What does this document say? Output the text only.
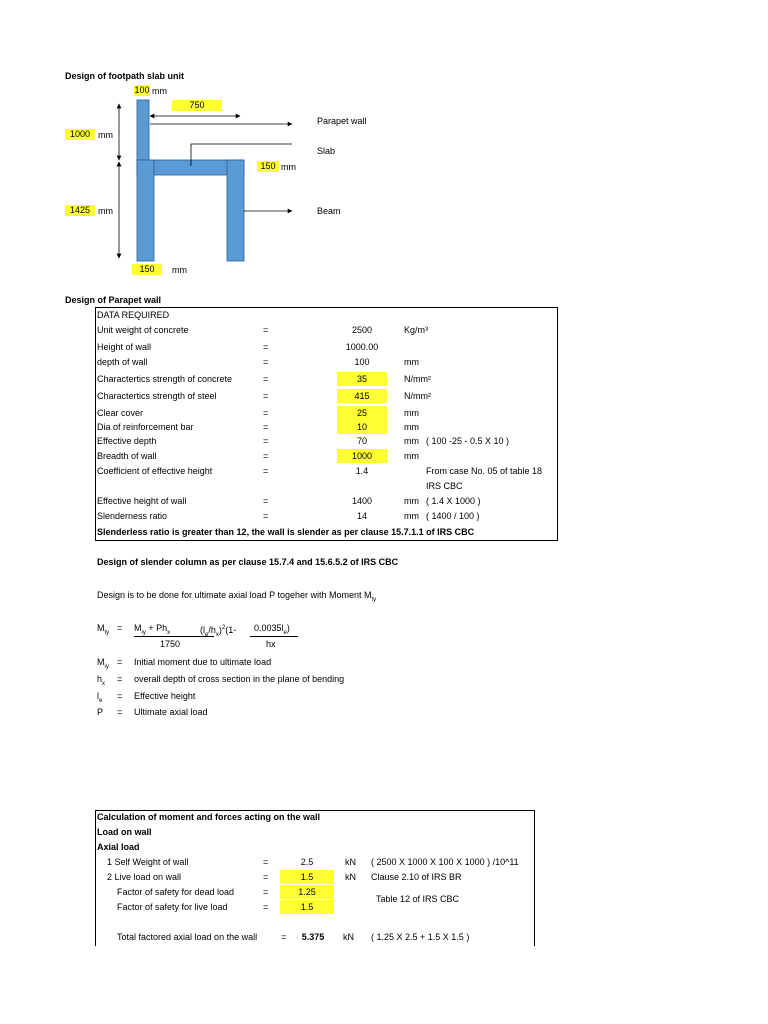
Design of footpath slab unit
100 mm
750
1000 mm
Parapet wall
Slab
150 mm
1425 mm	Beam
150	mm
Design of Parapet wall
DATA REQUIRED
Unit weight of concrete	=	2500	Kg/m³
Height of wall	=	1000.00
depth of wall	=	100	mm
Charactertics strength of concrete	=	35	N/mm²
Charactertics strength of steel	=	415	N/mm²
Clear cover	=	25	mm
Dia of reinforcement bar	=	10	mm
Effective depth	=	70	mm ( 100 -25 - 0.5 X 10 )
Breadth of wall	=	1000	mm
Coefficient of effective height	=	1.4	From case No. 05 of table 18
IRS CBC
Effective height of wall	=	1400	mm ( 1.4 X 1000 )
Slenderness ratio	=	14	mm ( 1400 / 100 )
Slenderless ratio is greater than 12, the wall is slender as per clause 15.7.1.1 of IRS CBC
Design of slender column as per clause 15.7.4 and 15.6.5.2 of IRS CBC
Design is to be done for ultimate axial load P togeher with Moment $M_{ty}$
$M_{ty} = M_{iy} + Ph_x$	$(l_e/h_x)^2(1-$
1750
$0.0035l_e$)
hx
$M_{iy}$ = Initial moment due to ultimate load
$h_x$ = overall depth of cross section in the plane of bending
$l_e$ = Effective height
P = Ultimate axial load
Calculation of moment and forces acting on the wall
Load on wall
Axial load
1 Self Weight of wall	=	2.5	kN ( 2500 X 1000 X 100 X 1000 ) /10^11
2 Live load on wall	=	1.5	kN Clause 2.10 of IRS BR
Factor of safety for dead load	=	1.25
Factor of safety for live load	=	1.5
Table 12 of IRS CBC
Total factored axial load on the wall	=	5.375	kN ( 1.25 X 2.5 + 1.5 X 1.5 )
